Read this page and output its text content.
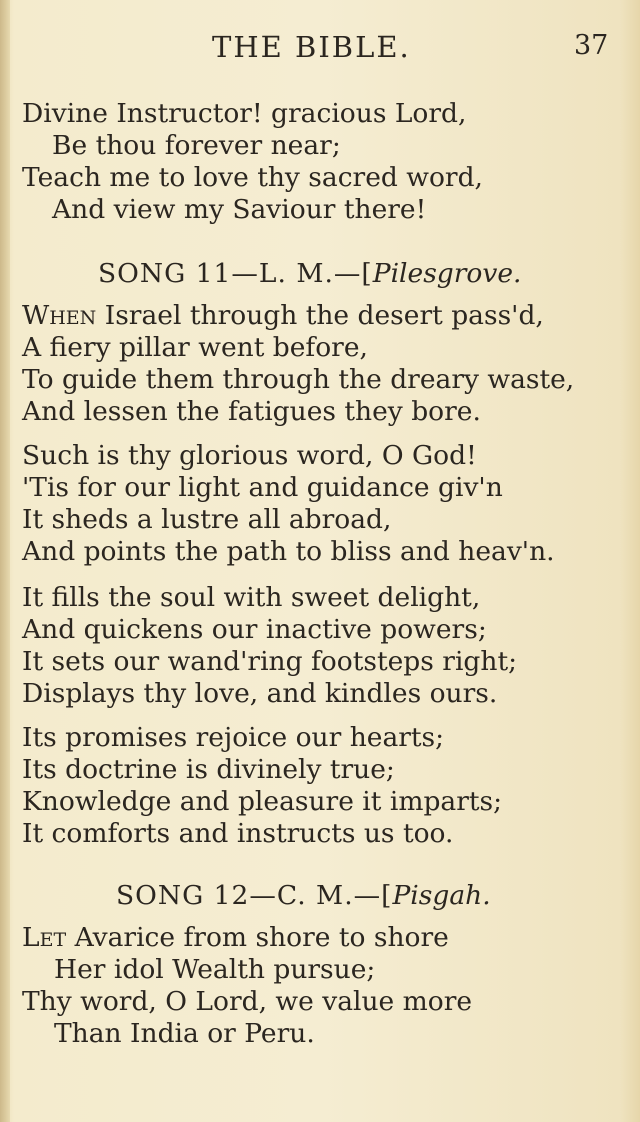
THE BIBLE.	37
Divine Instructor! gracious Lord,
Be thou forever near;
Teach me to love thy sacred word,
And view my Saviour there!
SONG 11—L. M.—[Pilesgrove.
When Israel through the desert pass'd,
A fiery pillar went before,
To guide them through the dreary waste,
And lessen the fatigues they bore.
Such is thy glorious word, O God!
'Tis for our light and guidance giv'n
It sheds a lustre all abroad,
And points the path to bliss and heav'n.
It fills the soul with sweet delight,
And quickens our inactive powers;
It sets our wand'ring footsteps right;
Displays thy love, and kindles ours.
Its promises rejoice our hearts;
Its doctrine is divinely true;
Knowledge and pleasure it imparts;
It comforts and instructs us too.
SONG 12—C. M.—[Pisgah.
Let Avarice from shore to shore
Her idol Wealth pursue;
Thy word, O Lord, we value more
Than India or Peru.
